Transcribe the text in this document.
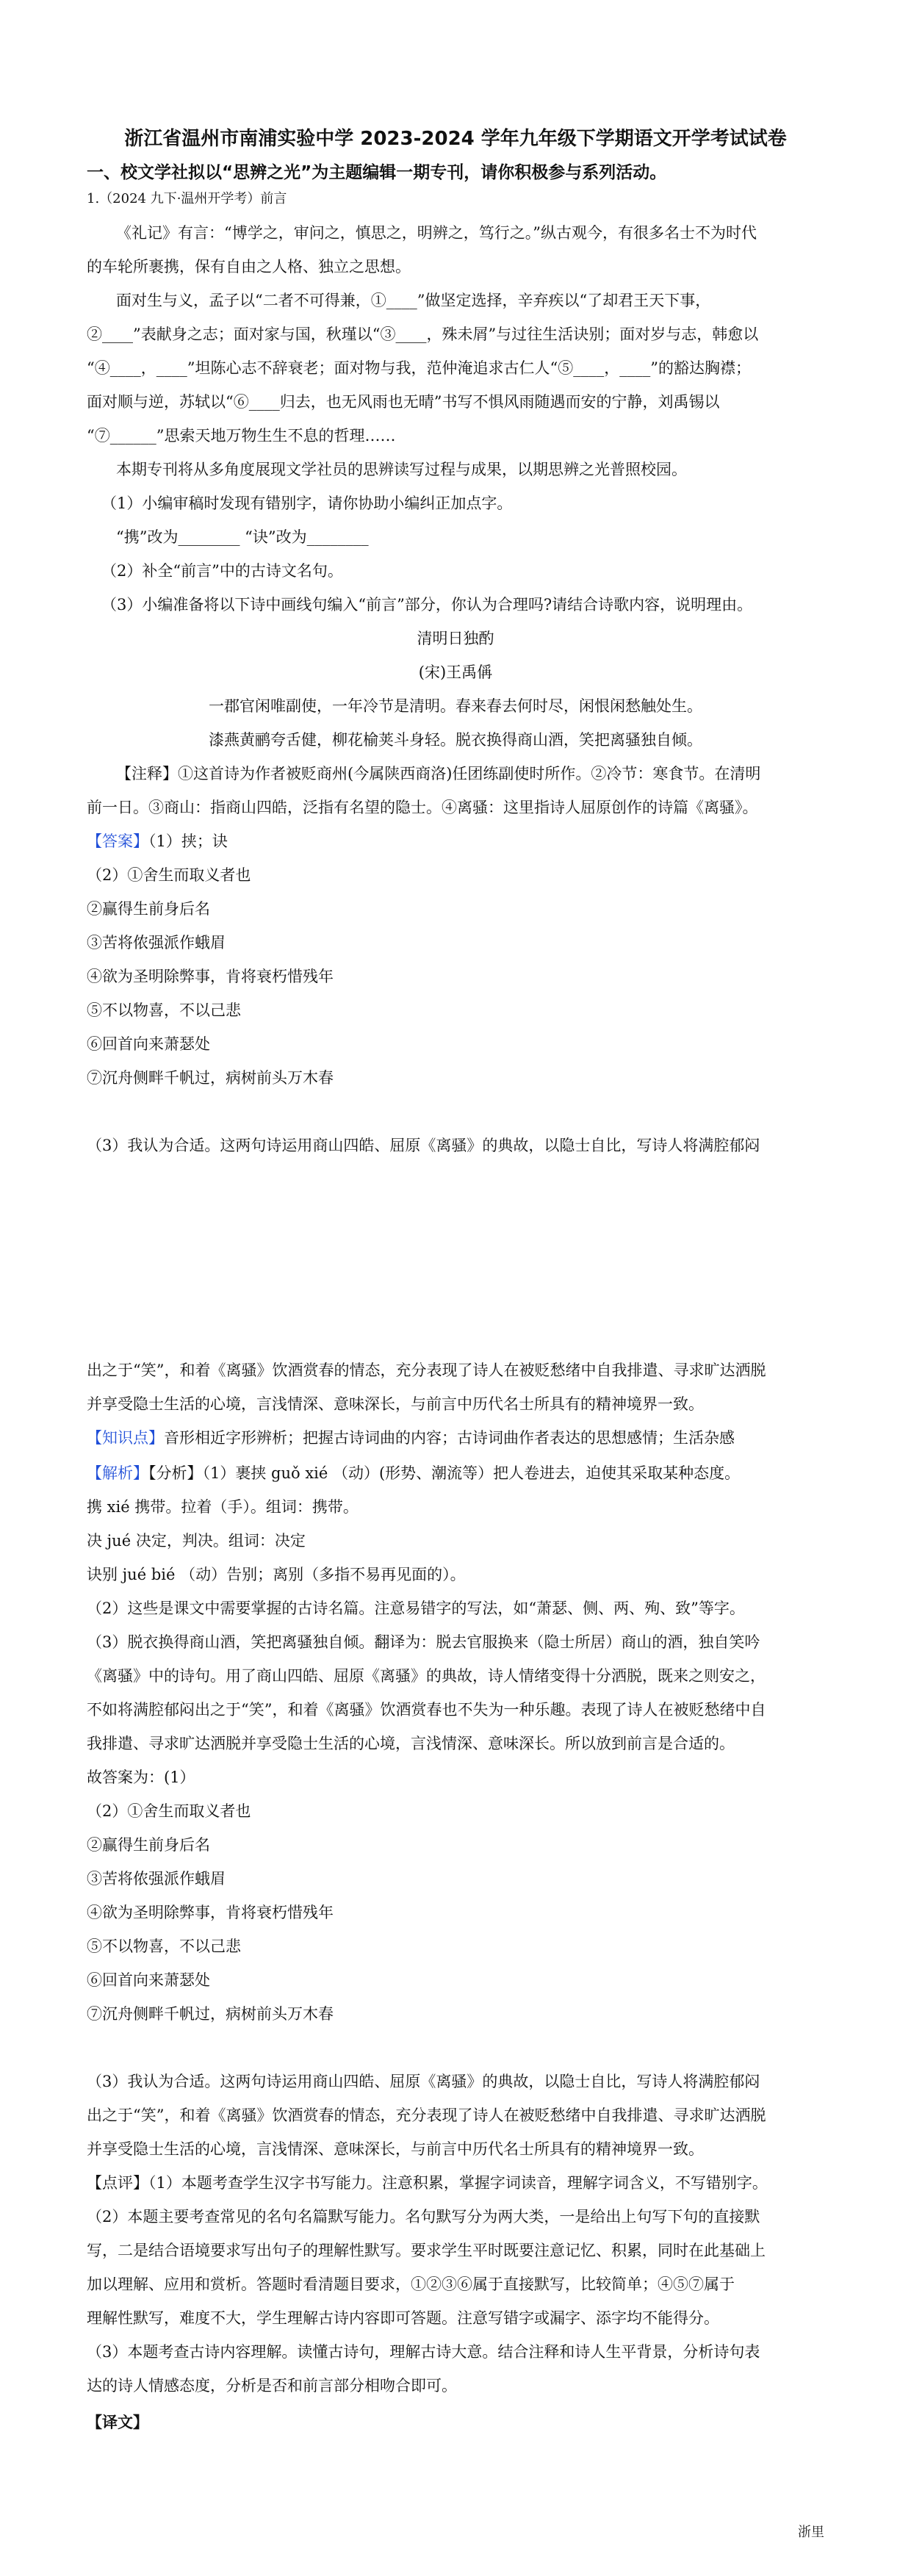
浙江省温州市南浦实验中学 2023-2024 学年九年级下学期语文开学考试试卷
一、校文学社拟以“思辨之光”为主题编辑一期专刊，请你积极参与系列活动。
1.（2024 九下·温州开学考）前言
《礼记》有言：“博学之，审问之，慎思之，明辨之，笃行之。”纵古观今，有很多名士不为时代
的车轮所裹携，保有自由之人格、独立之思想。
面对生与义，孟子以“二者不可得兼，①____”做坚定选择，辛弃疾以“了却君王天下事，
②____”表献身之志；面对家与国，秋瑾以“③____，殊未屑”与过往生活诀别；面对岁与志，韩愈以
“④____，____”坦陈心志不辞衰老；面对物与我，范仲淹追求古仁人“⑤____，____”的豁达胸襟；
面对顺与逆，苏轼以“⑥____归去，也无风雨也无晴”书写不惧风雨随遇而安的宁静，刘禹锡以
“⑦______”思索天地万物生生不息的哲理……
本期专刊将从多角度展现文学社员的思辨读写过程与成果，以期思辨之光普照校园。
（1）小编审稿时发现有错别字，请你协助小编纠正加点字。
“携”改为________ “诀”改为________
（2）补全“前言”中的古诗文名句。
（3）小编准备将以下诗中画线句编入“前言”部分，你认为合理吗?请结合诗歌内容，说明理由。
清明日独酌
(宋)王禹偁
一郡官闲唯副使，一年冷节是清明。春来春去何时尽，闲恨闲愁触处生。
漆燕黄鹂夸舌健，柳花榆荚斗身轻。脱衣换得商山酒，笑把离骚独自倾。
【注释】①这首诗为作者被贬商州(今属陕西商洛)任团练副使时所作。②冷节：寒食节。在清明
前一日。③商山：指商山四皓，泛指有名望的隐士。④离骚：这里指诗人屈原创作的诗篇《离骚》。
【答案】（1）挟；诀
（2）①舍生而取义者也
②赢得生前身后名
③苦将侬强派作蛾眉
④欲为圣明除弊事，肯将衰朽惜残年
⑤不以物喜，不以己悲
⑥回首向来萧瑟处
⑦沉舟侧畔千帆过，病树前头万木春
（3）我认为合适。这两句诗运用商山四皓、屈原《离骚》的典故，以隐士自比，写诗人将满腔郁闷
出之于“笑”，和着《离骚》饮酒赏春的情态，充分表现了诗人在被贬愁绪中自我排遣、寻求旷达洒脱
并享受隐士生活的心境，言浅情深、意味深长，与前言中历代名士所具有的精神境界一致。
【知识点】音形相近字形辨析；把握古诗词曲的内容；古诗词曲作者表达的思想感情；生活杂感
【解析】【分析】（1）裹挟 guǒ xié （动）(形势、潮流等）把人卷进去，迫使其采取某种态度。
携 xié 携带。拉着（手）。组词：携带。
决 jué 决定，判决。组词：决定
诀别 jué bié （动）告别；离别（多指不易再见面的）。
（2）这些是课文中需要掌握的古诗名篇。注意易错字的写法，如“萧瑟、侧、两、殉、致”等字。
（3）脱衣换得商山酒，笑把离骚独自倾。翻译为：脱去官服换来（隐士所居）商山的酒，独自笑吟
《离骚》中的诗句。用了商山四皓、屈原《离骚》的典故，诗人情绪变得十分洒脱，既来之则安之，
不如将满腔郁闷出之于“笑”，和着《离骚》饮酒赏春也不失为一种乐趣。表现了诗人在被贬愁绪中自
我排遣、寻求旷达洒脱并享受隐士生活的心境，言浅情深、意味深长。所以放到前言是合适的。
故答案为：(1）
（2）①舍生而取义者也
②赢得生前身后名
③苦将侬强派作蛾眉
④欲为圣明除弊事，肯将衰朽惜残年
⑤不以物喜，不以己悲
⑥回首向来萧瑟处
⑦沉舟侧畔千帆过，病树前头万木春
（3）我认为合适。这两句诗运用商山四皓、屈原《离骚》的典故，以隐士自比，写诗人将满腔郁闷
出之于“笑”，和着《离骚》饮酒赏春的情态，充分表现了诗人在被贬愁绪中自我排遣、寻求旷达洒脱
并享受隐士生活的心境，言浅情深、意味深长，与前言中历代名士所具有的精神境界一致。
【点评】（1）本题考查学生汉字书写能力。注意积累，掌握字词读音，理解字词含义，不写错别字。
（2）本题主要考查常见的名句名篇默写能力。名句默写分为两大类，一是给出上句写下句的直接默
写，二是结合语境要求写出句子的理解性默写。要求学生平时既要注意记忆、积累，同时在此基础上
加以理解、应用和赏析。答题时看清题目要求，①②③⑥属于直接默写，比较简单；④⑤⑦属于
理解性默写，难度不大，学生理解古诗内容即可答题。注意写错字或漏字、添字均不能得分。
（3）本题考查古诗内容理解。读懂古诗句，理解古诗大意。结合注释和诗人生平背景，分析诗句表
达的诗人情感态度，分析是否和前言部分相吻合即可。
【译文】
浙里
